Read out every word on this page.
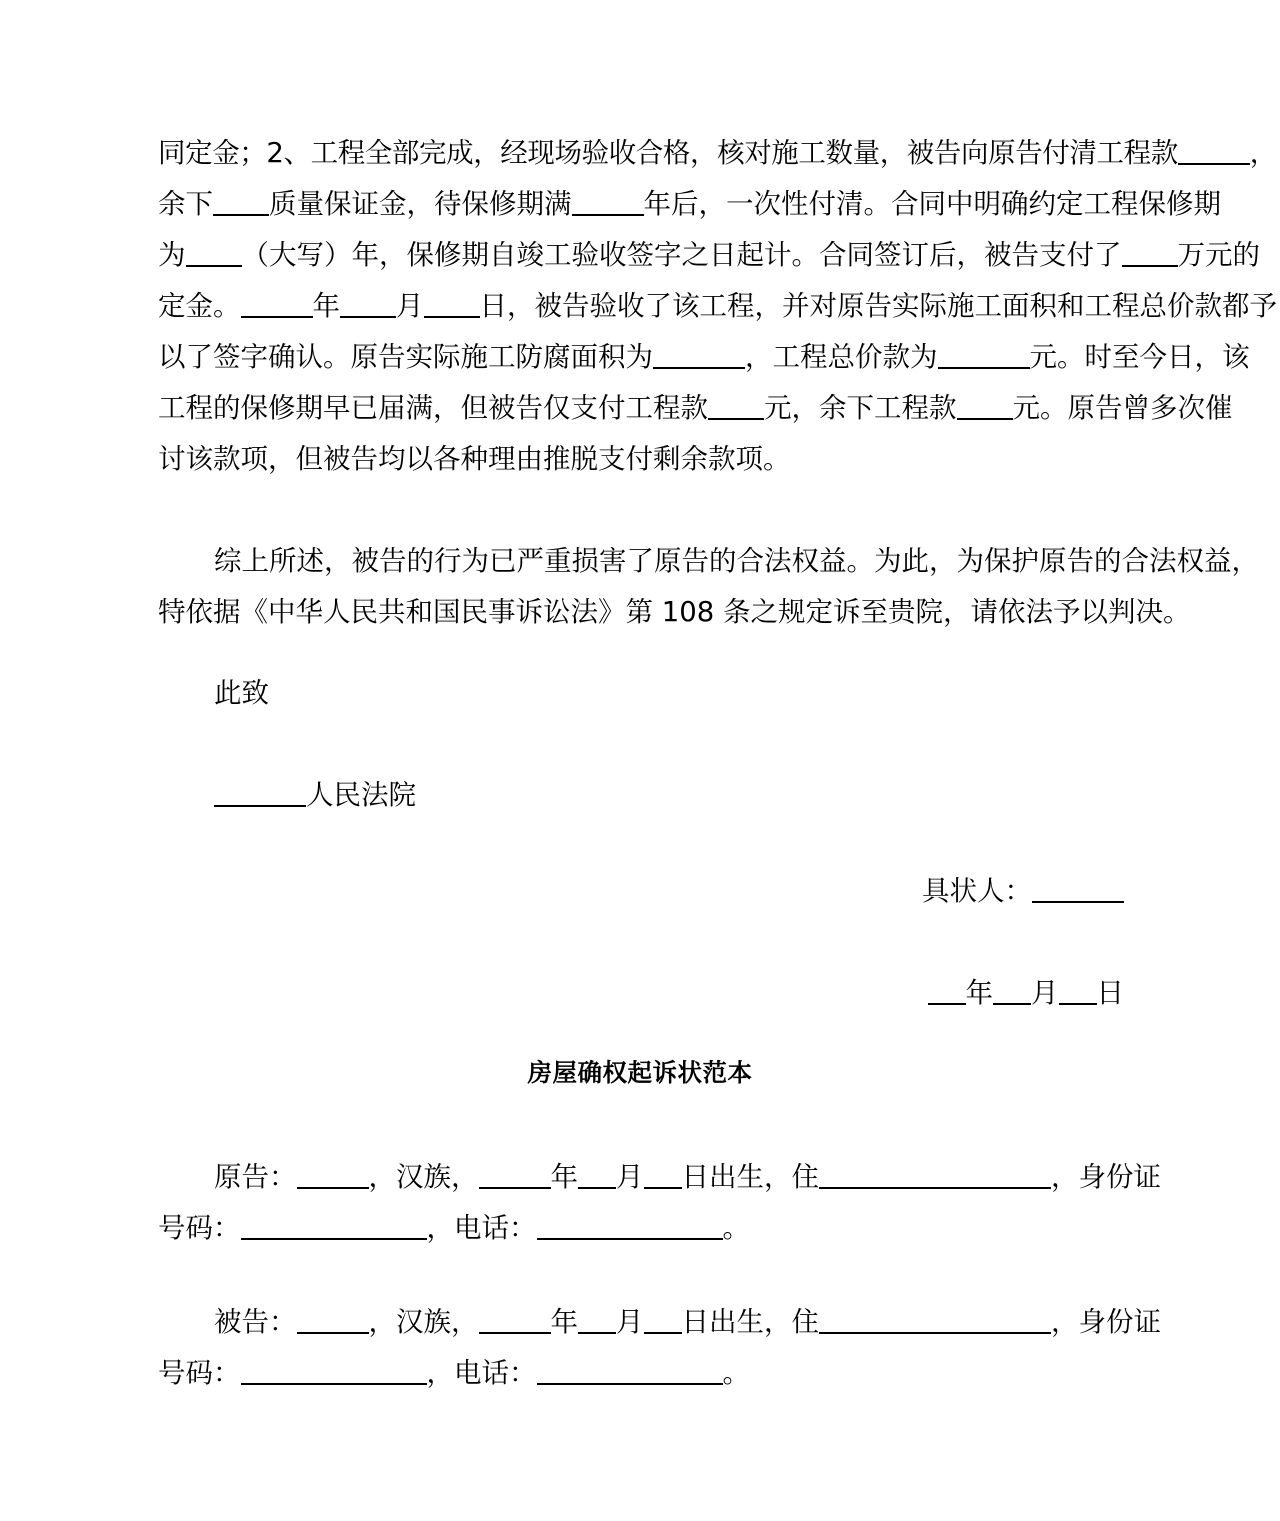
同定金；2、工程全部完成，经现场验收合格，核对施工数量，被告向原告付清工程款	，
余下 质量保证金，待保修期满	年后，一次性付清。合同中明确约定工程保修期
为 （大写）年，保修期自竣工验收签字之日起计。合同签订后，被告支付了 万元的
定金。	年 月 日，被告验收了该工程，并对原告实际施工面积和工程总价款都予
以了签字确认。原告实际施工防腐面积为	，工程总价款为	元。时至今日，该
工程的保修期早已届满，但被告仅支付工程款 元，余下工程款 元。原告曾多次催
讨该款项，但被告均以各种理由推脱支付剩余款项。
综上所述，被告的行为已严重损害了原告的合法权益。为此，为保护原告的合法权益，
特依据《中华人民共和国民事诉讼法》第 108 条之规定诉至贵院，请依法予以判决。
此致
人民法院
具状人：
年 月 日
房屋确权起诉状范本
原告：	，汉族，	年 月 日出生，住	，身份证
号码：	，电话：	。
被告：	，汉族，	年 月 日出生，住	，身份证
号码：	，电话：	。
